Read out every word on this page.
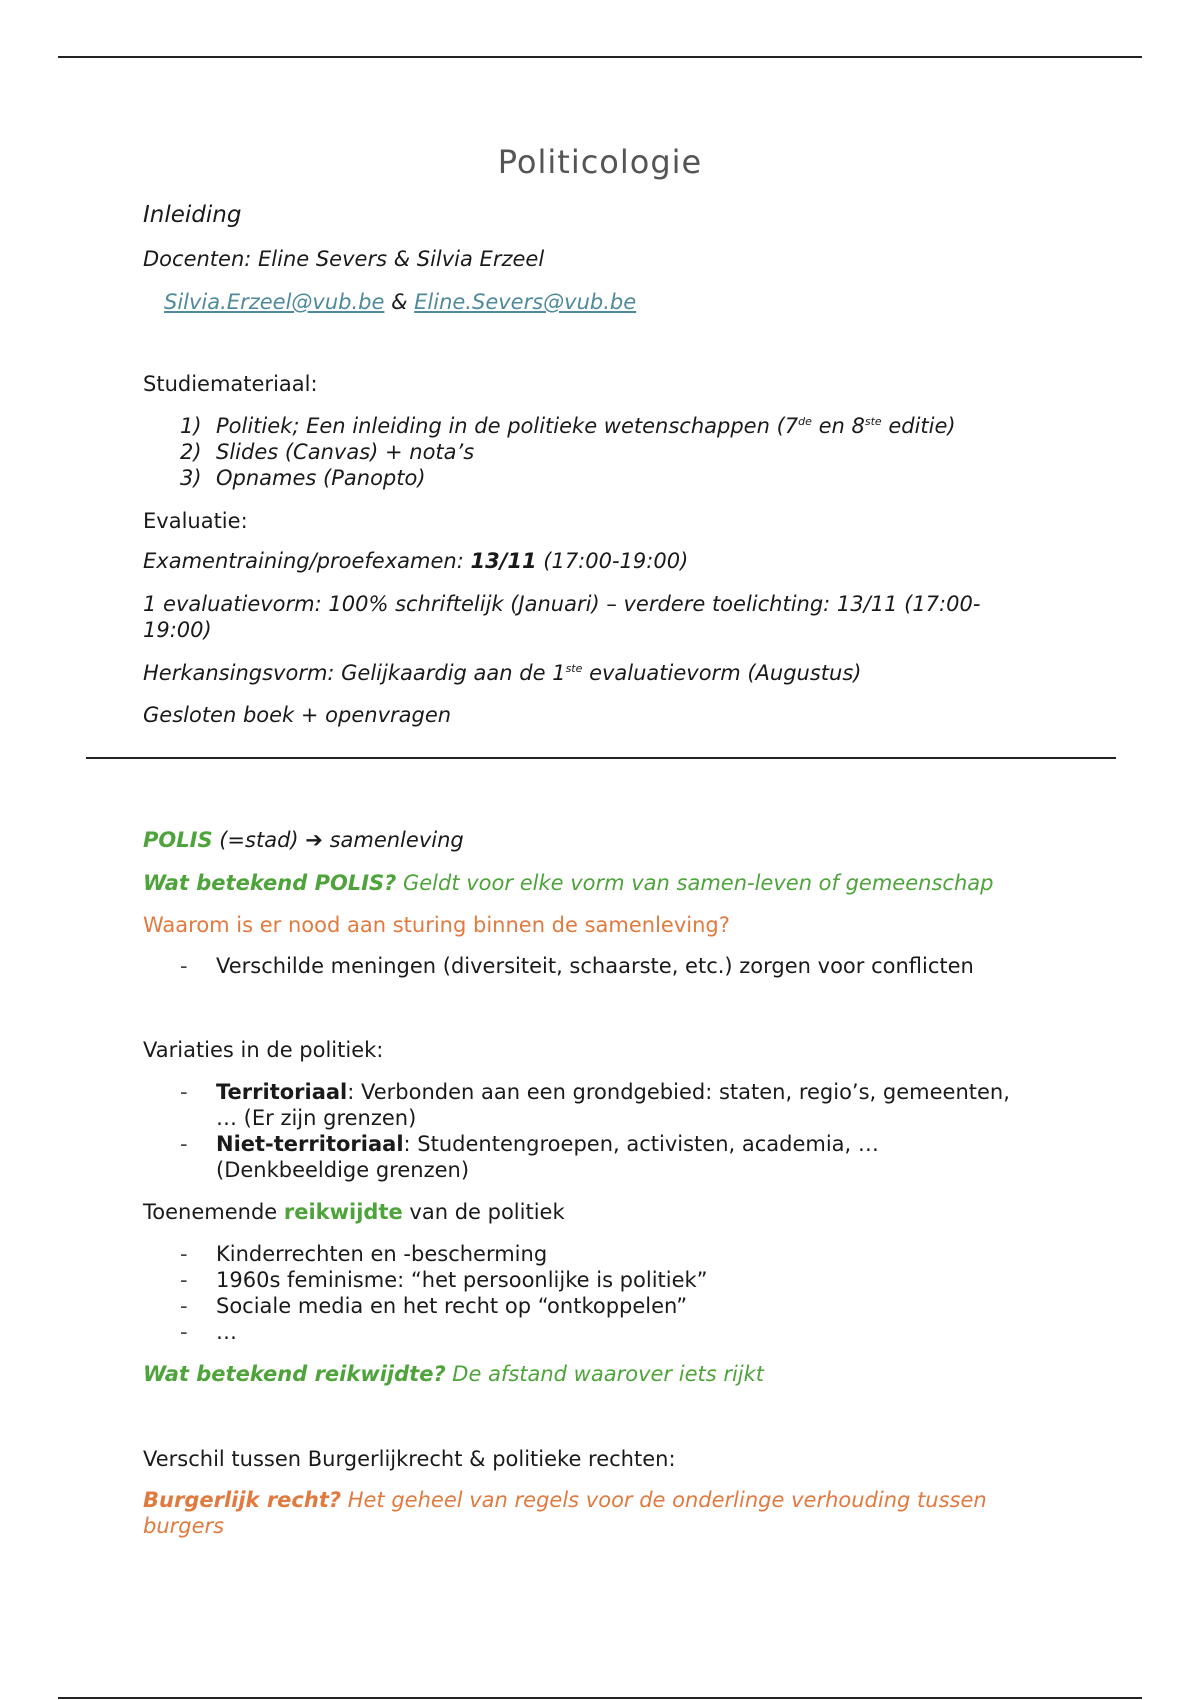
Politicologie
Inleiding
Docenten: Eline Severs & Silvia Erzeel
Silvia.Erzeel@vub.be & Eline.Severs@vub.be
Studiemateriaal:
1) Politiek; Een inleiding in de politieke wetenschappen (7de en 8ste editie)
2) Slides (Canvas) + nota’s
3) Opnames (Panopto)
Evaluatie:
Examentraining/proefexamen: 13/11 (17:00-19:00)
1 evaluatievorm: 100% schriftelijk (Januari) – verdere toelichting: 13/11 (17:00-
19:00)
Herkansingsvorm: Gelijkaardig aan de 1ste evaluatievorm (Augustus)
Gesloten boek + openvragen
POLIS (=stad) ➔ samenleving
Wat betekend POLIS? Geldt voor elke vorm van samen-leven of gemeenschap
Waarom is er nood aan sturing binnen de samenleving?
- Verschilde meningen (diversiteit, schaarste, etc.) zorgen voor conflicten
Variaties in de politiek:
- Territoriaal: Verbonden aan een grondgebied: staten, regio’s, gemeenten,
… (Er zijn grenzen)
- Niet-territoriaal: Studentengroepen, activisten, academia, …
(Denkbeeldige grenzen)
Toenemende reikwijdte van de politiek
- Kinderrechten en -bescherming
- 1960s feminisme: “het persoonlijke is politiek”
- Sociale media en het recht op “ontkoppelen”
- …
Wat betekend reikwijdte? De afstand waarover iets rijkt
Verschil tussen Burgerlijkrecht & politieke rechten:
Burgerlijk recht? Het geheel van regels voor de onderlinge verhouding tussen
burgers
